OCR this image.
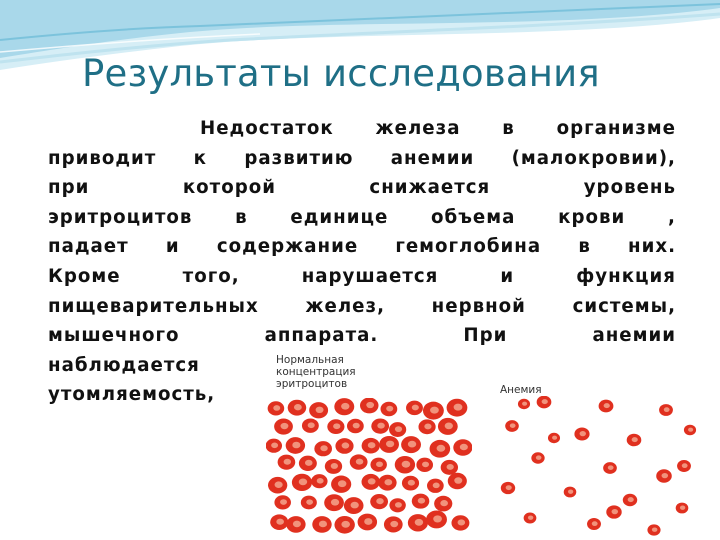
Результаты исследования
Недостаток железа в организме
приводит к развитию анемии (малокровии),
при	которой	снижается	уровень
эритроцитов в единице объема крови ,
падает и содержание гемоглобина в них.
Кроме	того,	нарушается	и	функция
пищеварительных	желез,	нервной	системы,
мышечного	аппарата.	При	анемии
наблюдается
утомляемость,
Нормальная
концентрация
эритроцитов	Анемия
